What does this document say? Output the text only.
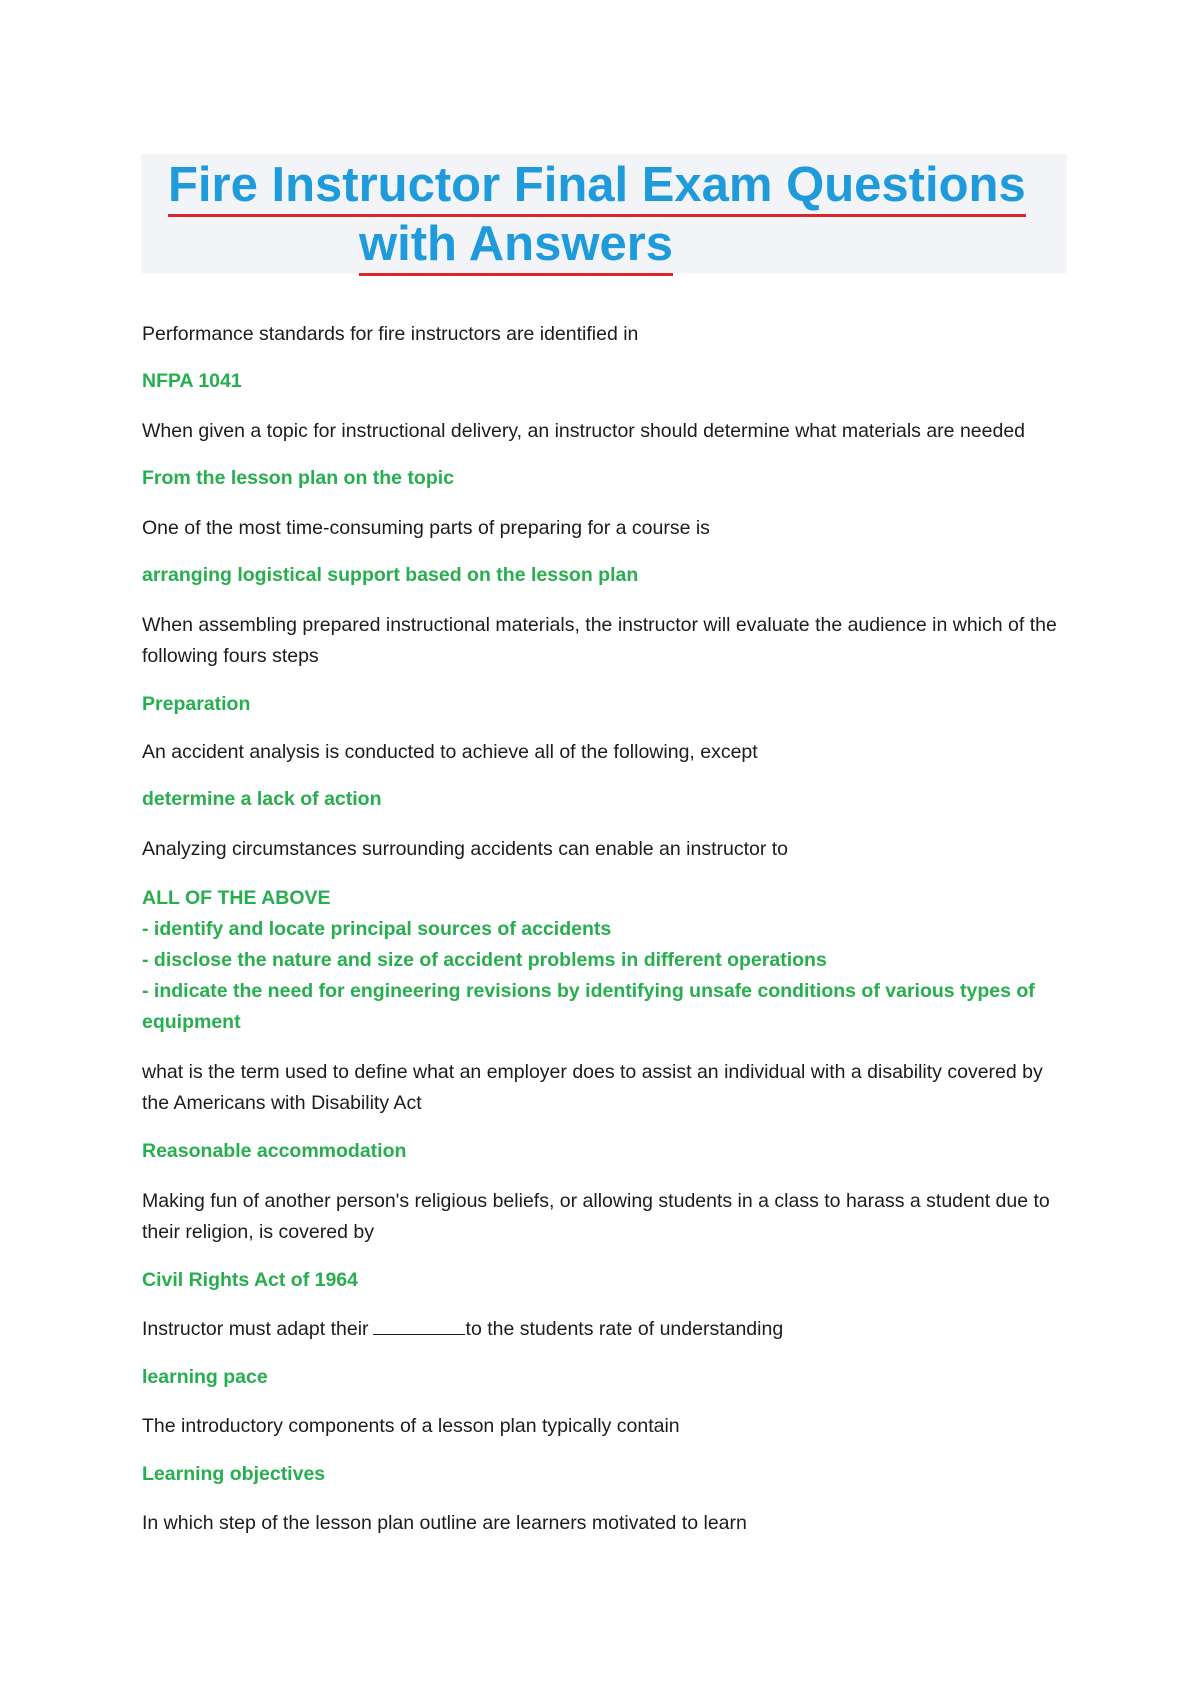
Fire Instructor Final Exam Questions
with Answers

Performance standards for fire instructors are identified in

NFPA 1041

When given a topic for instructional delivery, an instructor should determine what materials are needed

From the lesson plan on the topic

One of the most time-consuming parts of preparing for a course is

arranging logistical support based on the lesson plan

When assembling prepared instructional materials, the instructor will evaluate the audience in which of the following fours steps

Preparation

An accident analysis is conducted to achieve all of the following, except

determine a lack of action

Analyzing circumstances surrounding accidents can enable an instructor to

ALL OF THE ABOVE

- identify and locate principal sources of accidents

- disclose the nature and size of accident problems in different operations

- indicate the need for engineering revisions by identifying unsafe conditions of various types of equipment

what is the term used to define what an employer does to assist an individual with a disability covered by the Americans with Disability Act

Reasonable accommodation

Making fun of another person's religious beliefs, or allowing students in a class to harass a student due to their religion, is covered by

Civil Rights Act of 1964

Instructor must adapt their	to the students rate of understanding

learning pace

The introductory components of a lesson plan typically contain

Learning objectives

In which step of the lesson plan outline are learners motivated to learn
